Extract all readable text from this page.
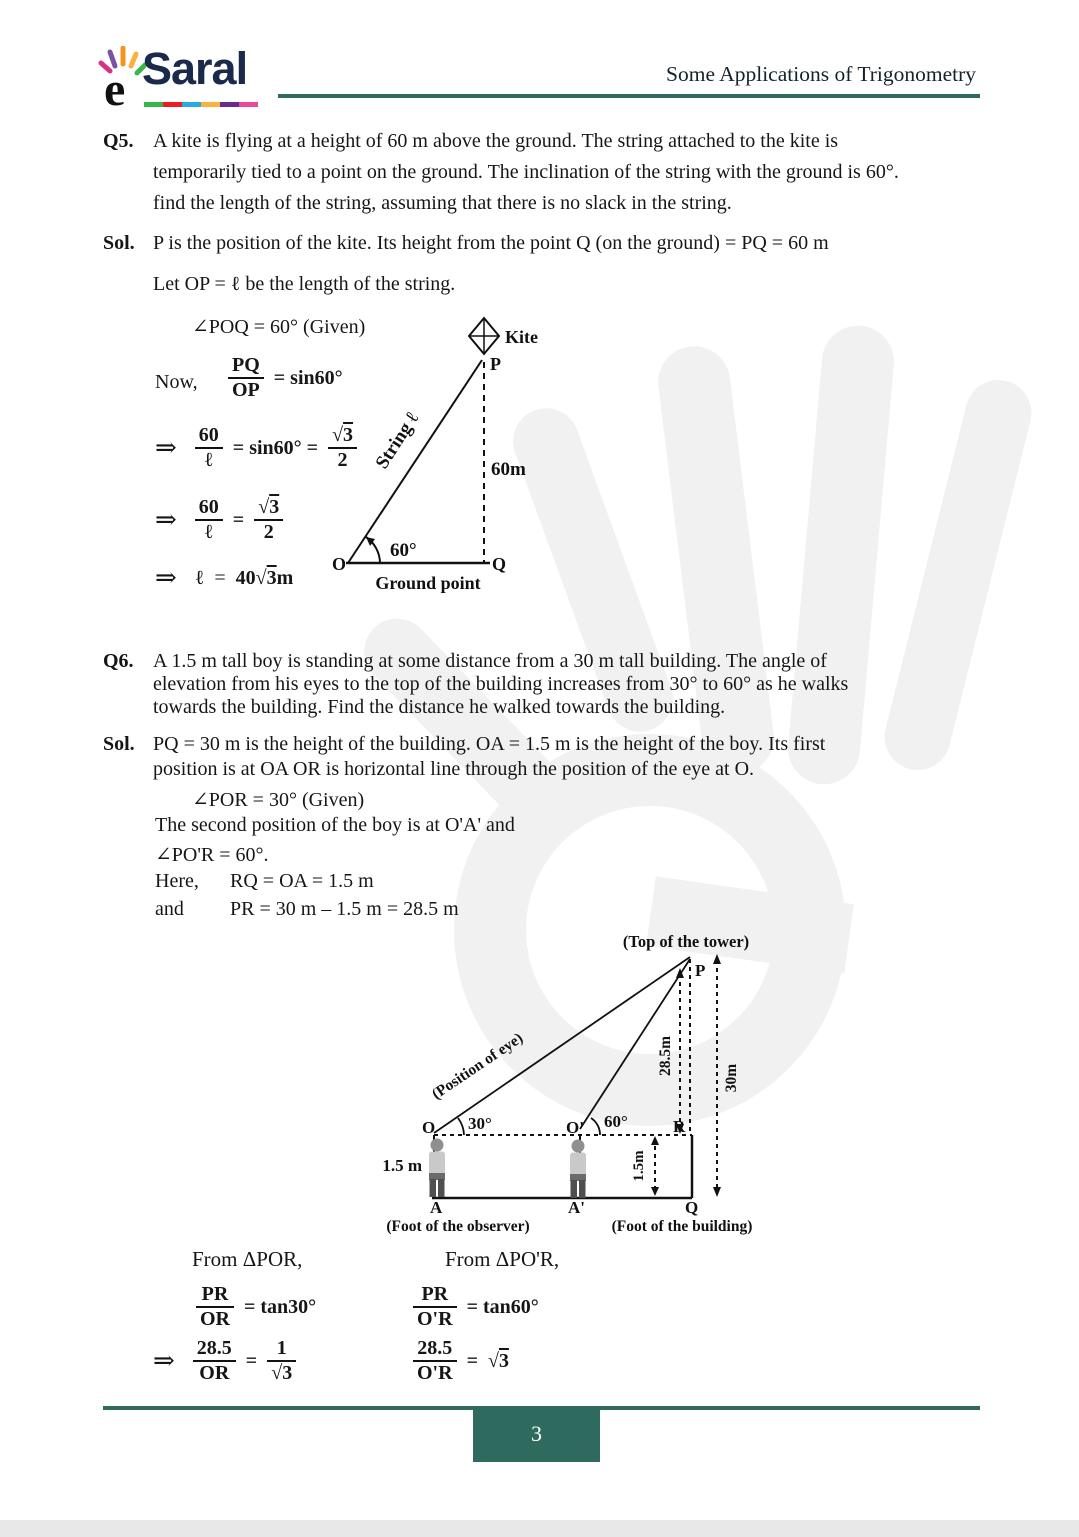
e Saral	Some Applications of Trigonometry
Q5. A kite is flying at a height of 60 m above the ground. The string attached to the kite is
temporarily tied to a point on the ground. The inclination of the string with the ground is 60°.
find the length of the string, assuming that there is no slack in the string.
Sol. P is the position of the kite. Its height from the point Q (on the ground) = PQ = 60 m
Let OP = ℓ be the length of the string.
∠POQ = 60° (Given)
Now, $\frac{PQ}{OP} = \sin 60^\circ$
⇒ $\frac{60}{\text{ℓ}} = \sin 60^\circ = \frac{√3}{2}$
⇒ $\frac{60}{\text{ℓ}} = \frac{√3}{2}$
⇒ ℓ = 40√3m
Kite
P
O	Q
60m
String ℓ
60°
Ground point
Q6. A 1.5 m tall boy is standing at some distance from a 30 m tall building. The angle of
elevation from his eyes to the top of the building increases from 30° to 60° as he walks
towards the building. Find the distance he walked towards the building.
Sol. PQ = 30 m is the height of the building. OA = 1.5 m is the height of the boy. Its first
position is at OA OR is horizontal line through the position of the eye at O.
∠POR = 30° (Given)
The second position of the boy is at O'A' and
∠PO'R = 60°.
Here, RQ = OA = 1.5 m
and PR = 30 m – 1.5 m = 28.5 m
(Top of the tower)
P
O 30°	O' 60°	R
28.5m
30m
1.5m
(Position of eye)
1.5 m
A	A'	Q
(Foot of the observer)	(Foot of the building)
From ΔPOR,	From ΔPO'R,
$\frac{PR}{OR} = \tan 30^\circ$	$\frac{PR}{O'R} = \tan 60^\circ$
⇒ $\frac{28.5}{OR} = \frac{1}{√3}$	$\frac{28.5}{O'R} = √3$
3
